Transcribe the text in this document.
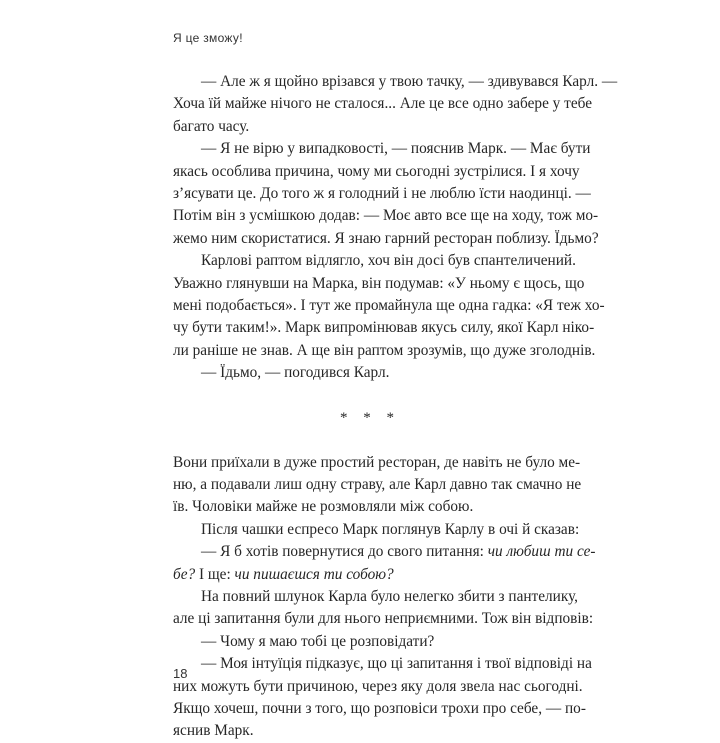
Я це зможу!
— Але ж я щойно врізався у твою тачку, — здивувався Карл. —
Хоча їй майже нічого не сталося... Але це все одно забере у тебе
багато часу.
— Я не вірю у випадковості, — пояснив Марк. — Має бути
якась особлива причина, чому ми сьогодні зустрілися. І я хочу
з’ясувати це. До того ж я голодний і не люблю їсти наодинці. —
Потім він з усмішкою додав: — Моє авто все ще на ходу, тож мо-
жемо ним скористатися. Я знаю гарний ресторан поблизу. Їдьмо?
Карлові раптом відлягло, хоч він досі був спантеличений.
Уважно глянувши на Марка, він подумав: «У ньому є щось, що
мені подобається». І тут же промайнула ще одна гадка: «Я теж хо-
чу бути таким!». Марк випромінював якусь силу, якої Карл ніко-
ли раніше не знав. А ще він раптом зрозумів, що дуже зголоднів.
— Їдьмо, — погодився Карл.
* * *
Вони приїхали в дуже простий ресторан, де навіть не було ме-
ню, а подавали лиш одну страву, але Карл давно так смачно не
їв. Чоловіки майже не розмовляли між собою.
Після чашки еспресо Марк поглянув Карлу в очі й сказав:
— Я б хотів повернутися до свого питання: чи любиш ти се-
бе? І ще: чи пишаєшся ти собою?
На повний шлунок Карла було нелегко збити з пантелику,
але ці запитання були для нього неприємними. Тож він відповів:
— Чому я маю тобі це розповідати?
— Моя інтуїція підказує, що ці запитання і твої відповіді на
них можуть бути причиною, через яку доля звела нас сьогодні.
Якщо хочеш, почни з того, що розповіси трохи про себе, — по-
яснив Марк.
18
